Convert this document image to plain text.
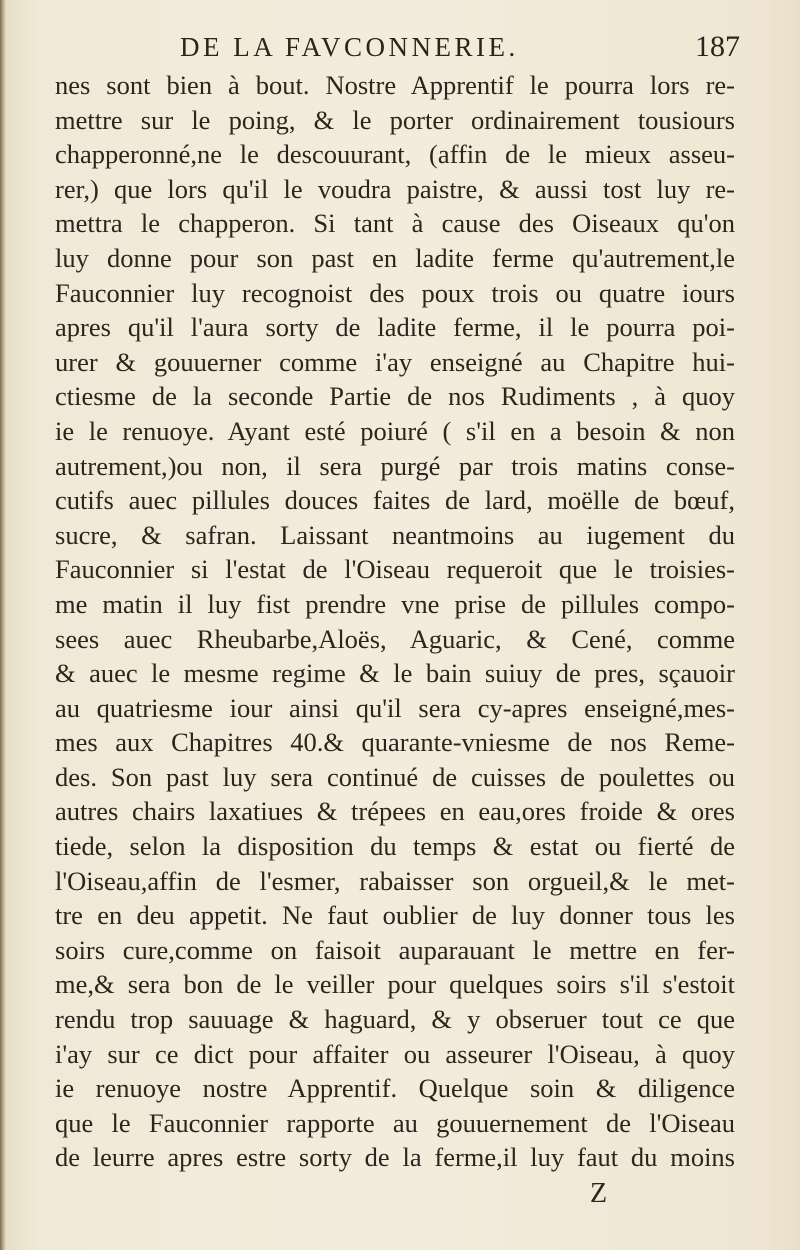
DE LA FAVCONNERIE.	187
nes sont bien à bout. Nostre Apprentif le pourra lors re-
mettre sur le poing, & le porter ordinairement tousiours
chapperonné,ne le descouurant, (affin de le mieux asseu-
rer,) que lors qu'il le voudra paistre, & aussi tost luy re-
mettra le chapperon. Si tant à cause des Oiseaux qu'on
luy donne pour son past en ladite ferme qu'autrement,le
Fauconnier luy recognoist des poux trois ou quatre iours
apres qu'il l'aura sorty de ladite ferme, il le pourra poi-
urer & gouuerner comme i'ay enseigné au Chapitre hui-
ctiesme de la seconde Partie de nos Rudiments , à quoy
ie le renuoye. Ayant esté poiuré ( s'il en a besoin & non
autrement,)ou non, il sera purgé par trois matins conse-
cutifs auec pillules douces faites de lard, moëlle de bœuf,
sucre, & safran. Laissant neantmoins au iugement du
Fauconnier si l'estat de l'Oiseau requeroit que le troisies-
me matin il luy fist prendre vne prise de pillules compo-
sees auec Rheubarbe,Aloës, Aguaric, & Cené, comme
& auec le mesme regime & le bain suiuy de pres, sçauoir
au quatriesme iour ainsi qu'il sera cy-apres enseigné,mes-
mes aux Chapitres 40.& quarante-vniesme de nos Reme-
des. Son past luy sera continué de cuisses de poulettes ou
autres chairs laxatiues & trépees en eau,ores froide & ores
tiede, selon la disposition du temps & estat ou fierté de
l'Oiseau,affin de l'esmer, rabaisser son orgueil,& le met-
tre en deu appetit. Ne faut oublier de luy donner tous les
soirs cure,comme on faisoit auparauant le mettre en fer-
me,& sera bon de le veiller pour quelques soirs s'il s'estoit
rendu trop sauuage & haguard, & y obseruer tout ce que
i'ay sur ce dict pour affaiter ou asseurer l'Oiseau, à quoy
ie renuoye nostre Apprentif. Quelque soin & diligence
que le Fauconnier rapporte au gouuernement de l'Oiseau
de leurre apres estre sorty de la ferme,il luy faut du moins
Z
